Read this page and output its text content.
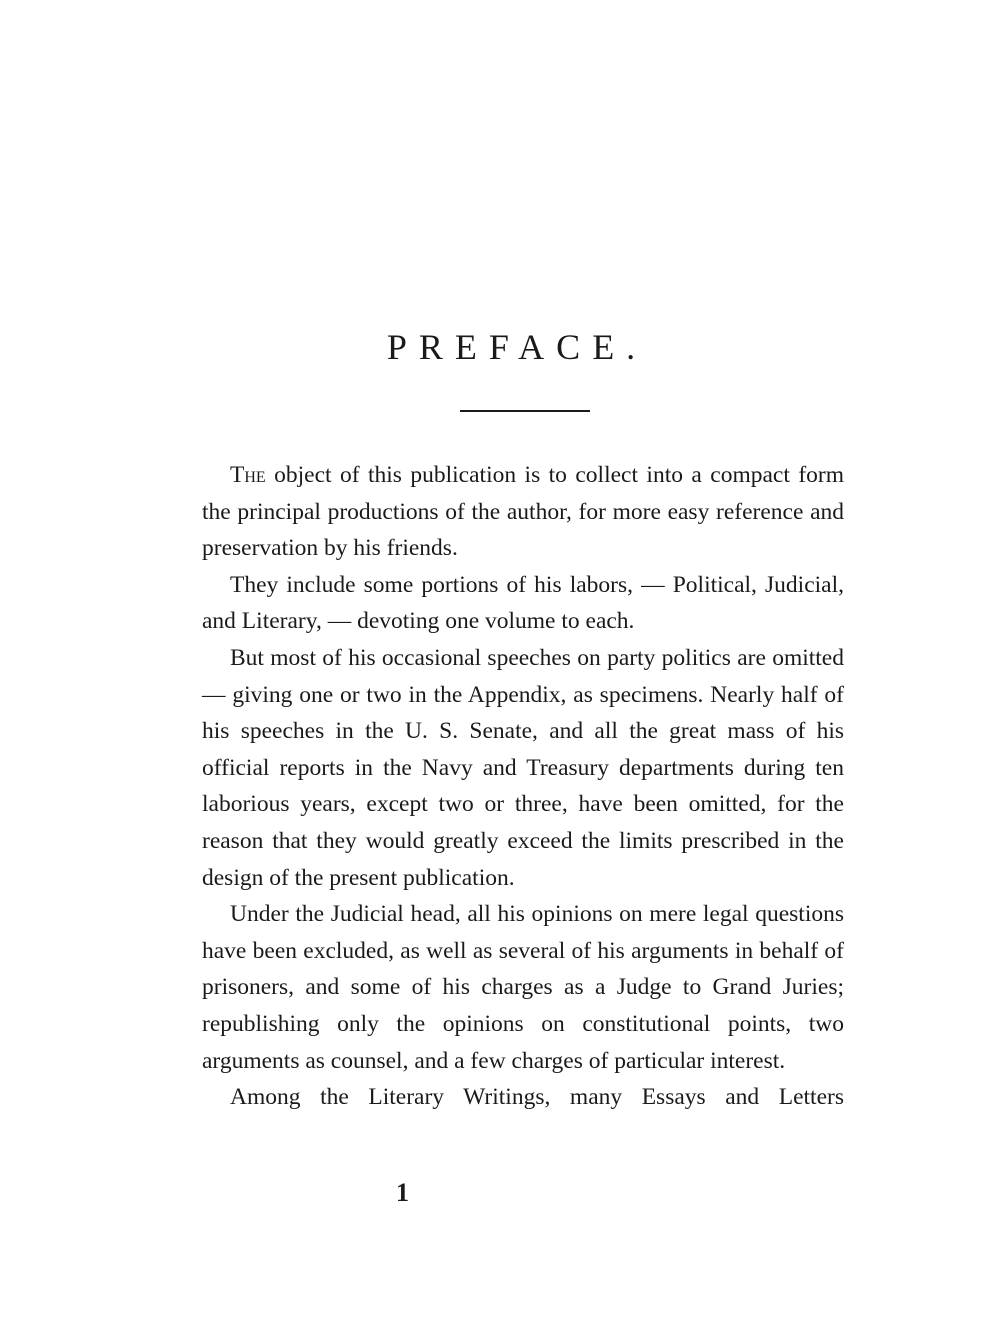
PREFACE.

The object of this publication is to collect into a compact form the principal productions of the author, for more easy reference and preservation by his friends.

They include some portions of his labors, — Political, Judicial, and Literary, — devoting one volume to each.

But most of his occasional speeches on party politics are omitted — giving one or two in the Appendix, as specimens. Nearly half of his speeches in the U. S. Senate, and all the great mass of his official reports in the Navy and Treasury departments during ten laborious years, except two or three, have been omitted, for the reason that they would greatly exceed the limits prescribed in the design of the present publication.

Under the Judicial head, all his opinions on mere legal questions have been excluded, as well as several of his arguments in behalf of prisoners, and some of his charges as a Judge to Grand Juries; republishing only the opinions on constitutional points, two arguments as counsel, and a few charges of particular interest.

Among the Literary Writings, many Essays and Letters

1
